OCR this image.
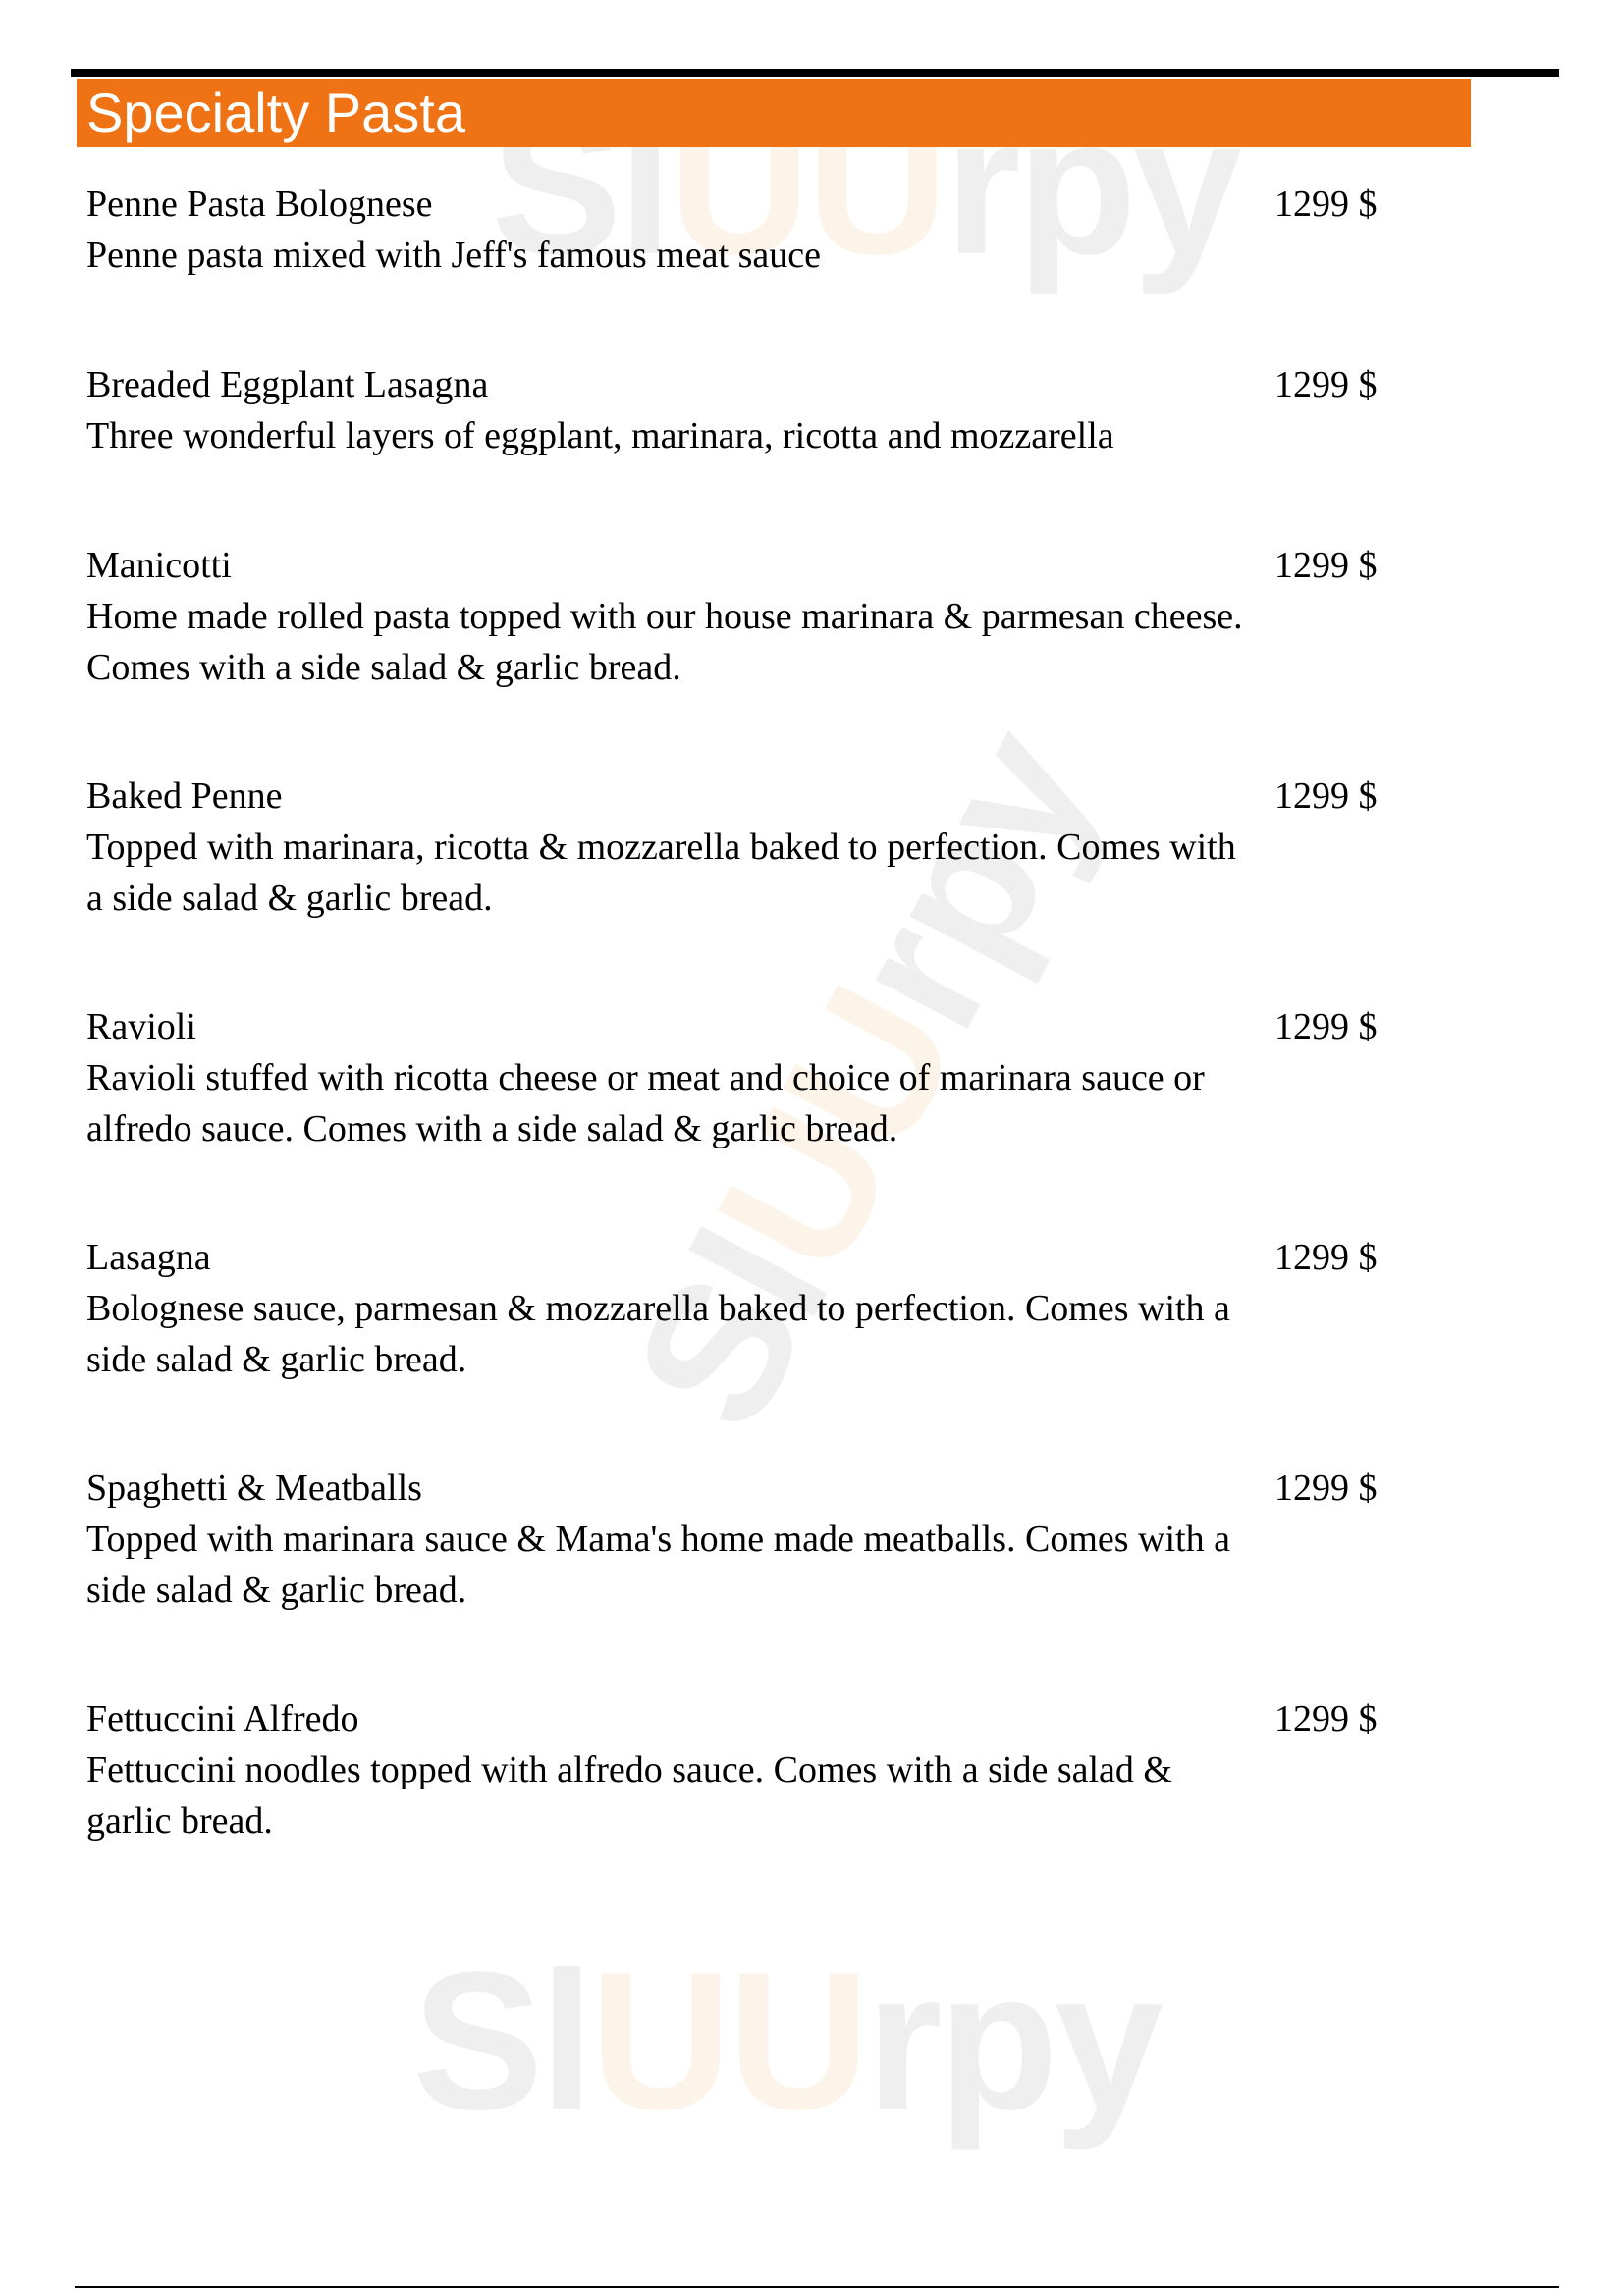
SlUUrpy
SlUUrpy
SlUUrpy
Specialty Pasta
Penne Pasta Bolognese
Penne pasta mixed with Jeff's famous meat sauce
1299 $
Breaded Eggplant Lasagna
Three wonderful layers of eggplant, marinara, ricotta and mozzarella
1299 $
Manicotti
Home made rolled pasta topped with our house marinara & parmesan cheese. Comes with a side salad & garlic bread.
1299 $
Baked Penne
Topped with marinara, ricotta & mozzarella baked to perfection. Comes with a side salad & garlic bread.
1299 $
Ravioli
Ravioli stuffed with ricotta cheese or meat and choice of marinara sauce or alfredo sauce. Comes with a side salad & garlic bread.
1299 $
Lasagna
Bolognese sauce, parmesan & mozzarella baked to perfection. Comes with a side salad & garlic bread.
1299 $
Spaghetti & Meatballs
Topped with marinara sauce & Mama's home made meatballs. Comes with a side salad & garlic bread.
1299 $
Fettuccini Alfredo
Fettuccini noodles topped with alfredo sauce. Comes with a side salad & garlic bread.
1299 $
